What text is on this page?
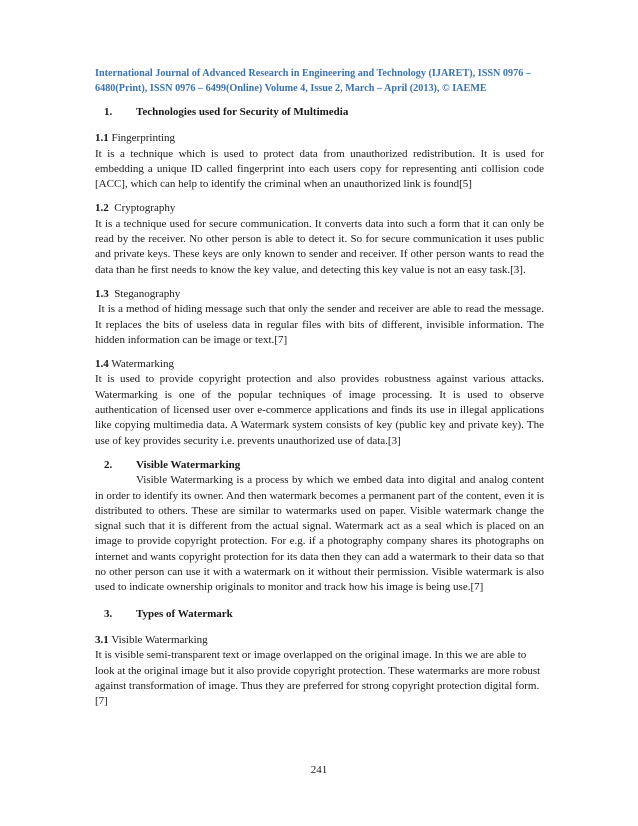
International Journal of Advanced Research in Engineering and Technology (IJARET), ISSN 0976 –
6480(Print), ISSN 0976 – 6499(Online) Volume 4, Issue 2, March – April (2013), © IAEME
1. Technologies used for Security of Multimedia
1.1 Fingerprinting

It is a technique which is used to protect data from unauthorized redistribution. It is used for embedding a unique ID called fingerprint into each users copy for representing anti collision code [ACC], which can help to identify the criminal when an unauthorized link is found[5]

1.2 Cryptography

It is a technique used for secure communication. It converts data into such a form that it can only be read by the receiver. No other person is able to detect it. So for secure communication it uses public and private keys. These keys are only known to sender and receiver. If other person wants to read the data than he first needs to know the key value, and detecting this key value is not an easy task.[3].

1.3 Steganography

It is a method of hiding message such that only the sender and receiver are able to read the message. It replaces the bits of useless data in regular files with bits of different, invisible information. The hidden information can be image or text.[7]

1.4 Watermarking

It is used to provide copyright protection and also provides robustness against various attacks. Watermarking is one of the popular techniques of image processing. It is used to observe authentication of licensed user over e-commerce applications and finds its use in illegal applications like copying multimedia data. A Watermark system consists of key (public key and private key). The use of key provides security i.e. prevents unauthorized use of data.[3]

2. Visible Watermarking

Visible Watermarking is a process by which we embed data into digital and analog content in order to identify its owner. And then watermark becomes a permanent part of the content, even it is distributed to others. These are similar to watermarks used on paper. Visible watermark change the signal such that it is different from the actual signal. Watermark act as a seal which is placed on an image to provide copyright protection. For e.g. if a photography company shares its photographs on internet and wants copyright protection for its data then they can add a watermark to their data so that no other person can use it with a watermark on it without their permission. Visible watermark is also used to indicate ownership originals to monitor and track how his image is being use.[7]

3. Types of Watermark
3.1 Visible Watermarking

It is visible semi-transparent text or image overlapped on the original image. In this we are able to look at the original image but it also provide copyright protection. These watermarks are more robust against transformation of image. Thus they are preferred for strong copyright protection digital form.[7]

241
